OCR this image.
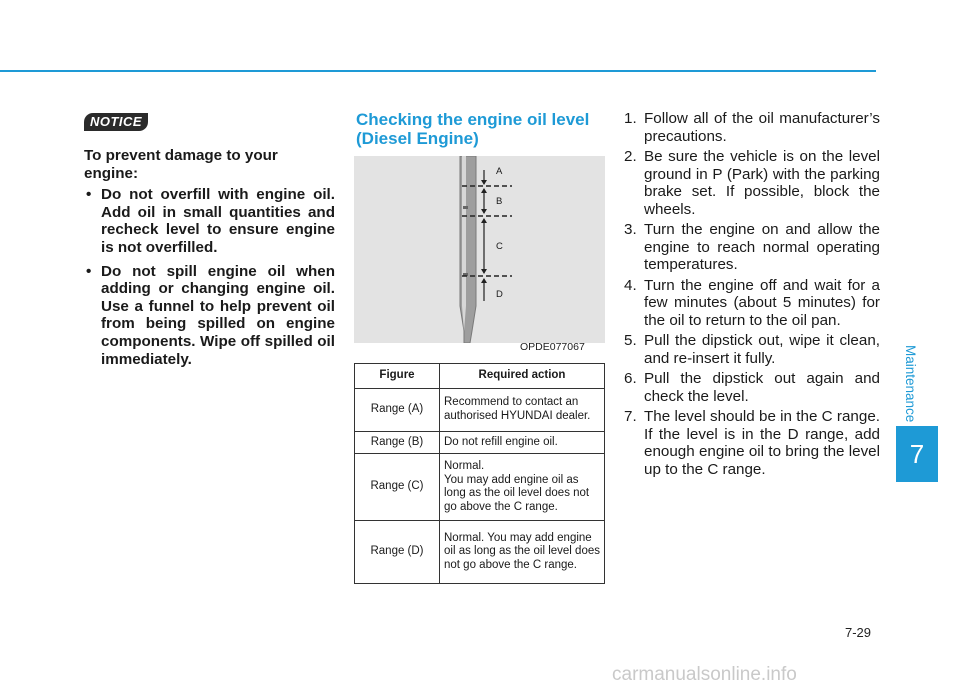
NOTICE

To prevent damage to your engine:

• Do not overfill with engine oil. Add oil in small quantities and recheck level to ensure engine is not overfilled.
• Do not spill engine oil when adding or changing engine oil. Use a funnel to help prevent oil from being spilled on engine components. Wipe off spilled oil immediately.
Checking the engine oil level
(Diesel Engine)
A
B
C
D
OPDE077067
Figure	Required action
Range (A)	Recommend to contact an authorised HYUNDAI dealer.
Range (B)	Do not refill engine oil.
Range (C)	Normal.
You may add engine oil as long as the oil level does not go above the C range.

Range (D)	Normal. You may add engine oil as long as the oil level does not go above the C range.
1. Follow all of the oil manufacturer’s precautions.
2. Be sure the vehicle is on the level ground in P (Park) with the parking brake set. If possible, block the wheels.
3. Turn the engine on and allow the engine to reach normal operating temperatures.
4. Turn the engine off and wait for a few minutes (about 5 minutes) for the oil to return to the oil pan.
5. Pull the dipstick out, wipe it clean, and re-insert it fully.
6. Pull the dipstick out again and check the level.
7. The level should be in the C range. If the level is in the D range, add enough engine oil to bring the level up to the C range.
Maintenance
7
7-29
carmanualsonline.info
